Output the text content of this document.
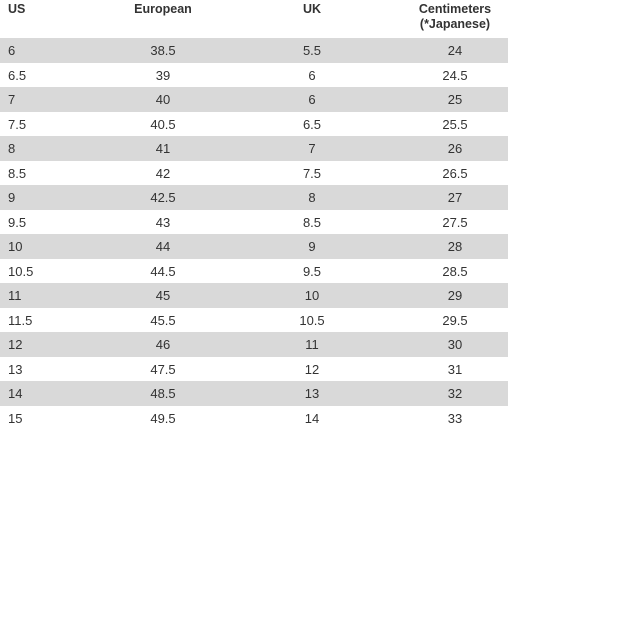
US	European	UK	Centimeters
(*Japanese)
6	38.5	5.5	24
6.5	39	6	24.5
7	40	6	25
7.5	40.5	6.5	25.5
8	41	7	26
8.5	42	7.5	26.5
9	42.5	8	27
9.5	43	8.5	27.5
10	44	9	28
10.5	44.5	9.5	28.5
11	45	10	29
11.5	45.5	10.5	29.5
12	46	11	30
13	47.5	12	31
14	48.5	13	32
15	49.5	14	33
